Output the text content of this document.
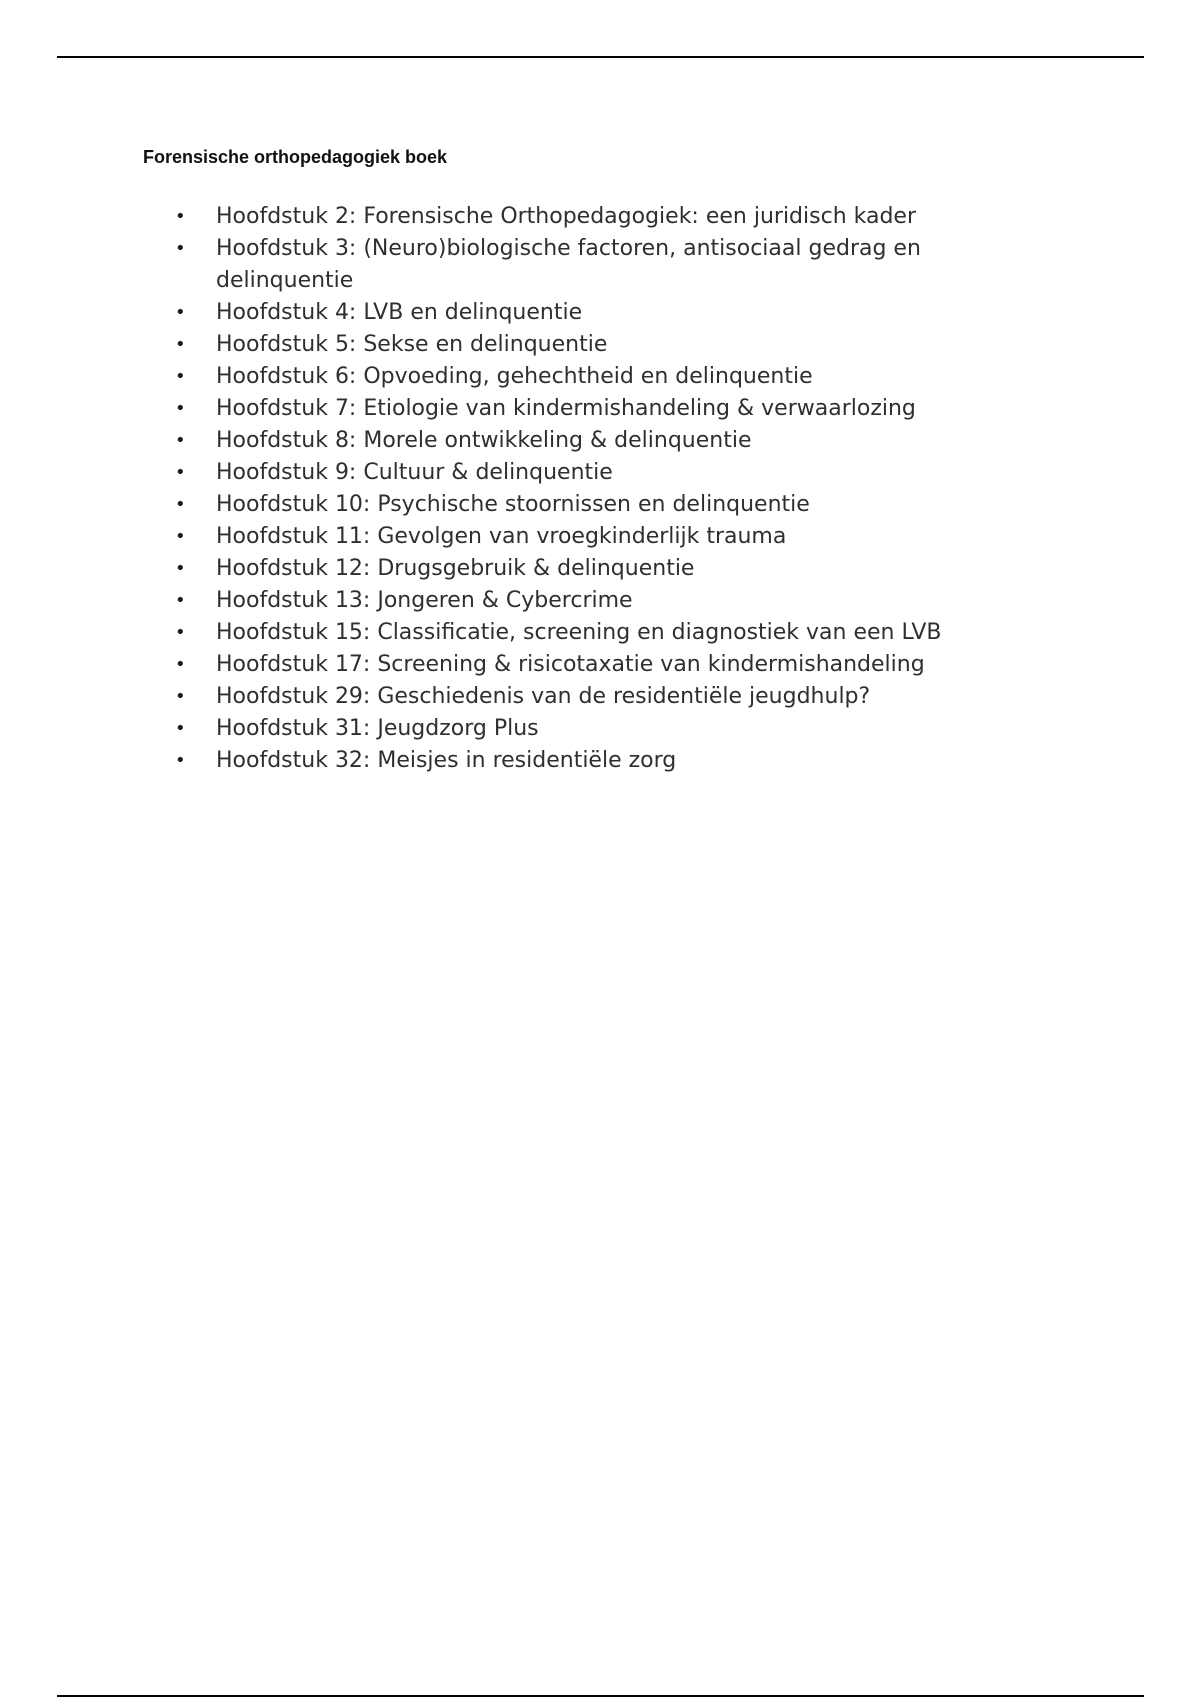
Forensische orthopedagogiek boek
•	Hoofdstuk 2: Forensische Orthopedagogiek: een juridisch kader
•	Hoofdstuk 3: (Neuro)biologische factoren, antisociaal gedrag en delinquentie
•	Hoofdstuk 4: LVB en delinquentie
•	Hoofdstuk 5: Sekse en delinquentie
•	Hoofdstuk 6: Opvoeding, gehechtheid en delinquentie
•	Hoofdstuk 7: Etiologie van kindermishandeling & verwaarlozing
•	Hoofdstuk 8: Morele ontwikkeling & delinquentie
•	Hoofdstuk 9: Cultuur & delinquentie
•	Hoofdstuk 10: Psychische stoornissen en delinquentie
•	Hoofdstuk 11: Gevolgen van vroegkinderlijk trauma
•	Hoofdstuk 12: Drugsgebruik & delinquentie
•	Hoofdstuk 13: Jongeren & Cybercrime
•	Hoofdstuk 15: Classificatie, screening en diagnostiek van een LVB
•	Hoofdstuk 17: Screening & risicotaxatie van kindermishandeling
•	Hoofdstuk 29: Geschiedenis van de residentiële jeugdhulp?
•	Hoofdstuk 31: Jeugdzorg Plus
•	Hoofdstuk 32: Meisjes in residentiële zorg
